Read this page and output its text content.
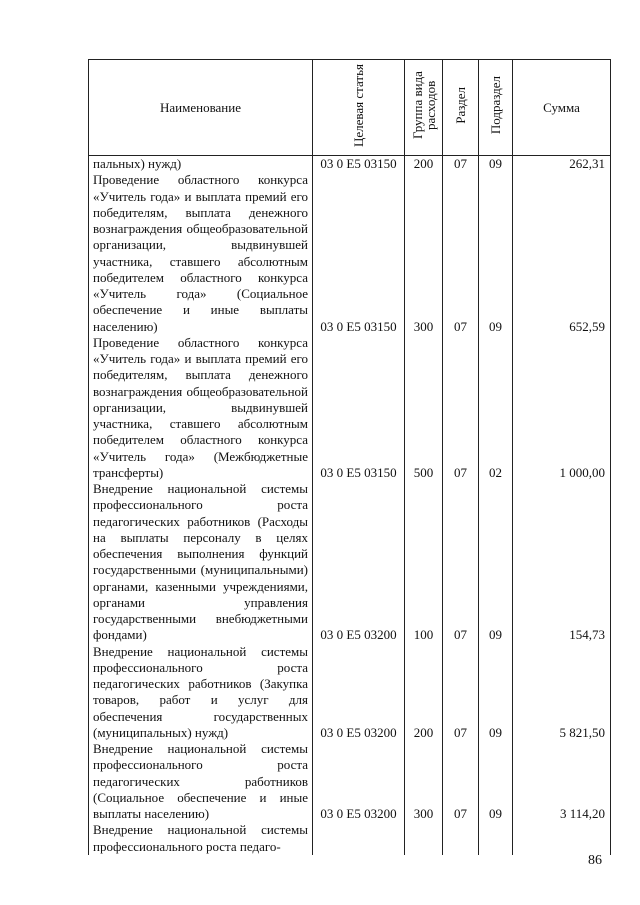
Наименование	Целевая статья	Группа вида расходов	Раздел	Подраздел	Сумма

пальных) нужд)	03 0 Е5 03150	200	07	09	262,31

Проведение областного конкурса «Учитель года» и выплата премий его победителям, выплата денежного вознаграждения общеобразовательной организации, выдвинувшей участника, ставшего абсолютным победителем областного конкурса «Учитель года» (Социальное обеспечение и иные выплаты населению)	03 0 Е5 03150	300	07	09	652,59

Проведение областного конкурса «Учитель года» и выплата премий его победителям, выплата денежного вознаграждения общеобразовательной организации, выдвинувшей участника, ставшего абсолютным победителем областного конкурса «Учитель года» (Межбюджетные трансферты)	03 0 Е5 03150	500	07	02	1 000,00

Внедрение национальной системы профессионального роста педагогических работников (Расходы на выплаты персоналу в целях обеспечения выполнения функций государственными (муниципальными) органами, казенными учреждениями, органами управления государственными внебюджетными фондами)	03 0 Е5 03200	100	07	09	154,73

Внедрение национальной системы профессионального роста педагогических работников (Закупка товаров, работ и услуг для обеспечения государственных (муниципальных) нужд)	03 0 Е5 03200	200	07	09	5 821,50

Внедрение национальной системы профессионального роста педагогических работников (Социальное обеспечение и иные выплаты населению)	03 0 Е5 03200	300	07	09	3 114,20

Внедрение национальной системы профессионального роста педаго-					

86
